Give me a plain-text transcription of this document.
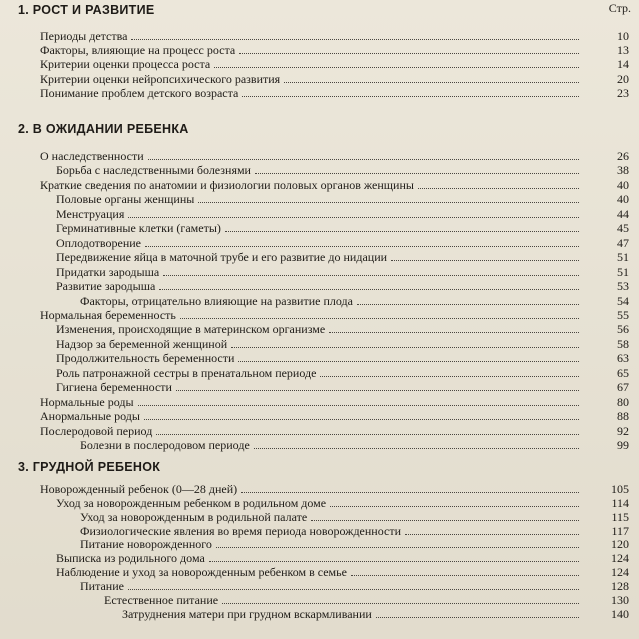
Стр.
1. РОСТ И РАЗВИТИЕ
Периоды детства	10
Факторы, влияющие на процесс роста	13
Критерии оценки процесса роста	14
Критерии оценки нейропсихического развития	20
Понимание проблем детского возраста	23
2. В ОЖИДАНИИ РЕБЕНКА
О наследственности	26
Борьба с наследственными болезнями	38
Краткие сведения по анатомии и физиологии половых органов женщины	40
Половые органы женщины	40
Менструация	44
Герминативные клетки (гаметы)	45
Оплодотворение	47
Передвижение яйца в маточной трубе и его развитие до нидации	51
Придатки зародыша	51
Развитие зародыша	53
Факторы, отрицательно влияющие на развитие плода	54
Нормальная беременность	55
Изменения, происходящие в материнском организме	56
Надзор за беременной женщиной	58
Продолжительность беременности	63
Роль патронажной сестры в пренатальном периоде	65
Гигиена беременности	67
Нормальные роды	80
Анормальные роды	88
Послеродовой период	92
Болезни в послеродовом периоде	99
3. ГРУДНОЙ РЕБЕНОК
Новорожденный ребенок (0—28 дней)	105
Уход за новорожденным ребенком в родильном доме	114
Уход за новорожденным в родильной палате	115
Физиологические явления во время периода новорожденности	117
Питание новорожденного	120
Выписка из родильного дома	124
Наблюдение и уход за новорожденным ребенком в семье	124
Питание	128
Естественное питание	130
Затруднения матери при грудном вскармливании	140
